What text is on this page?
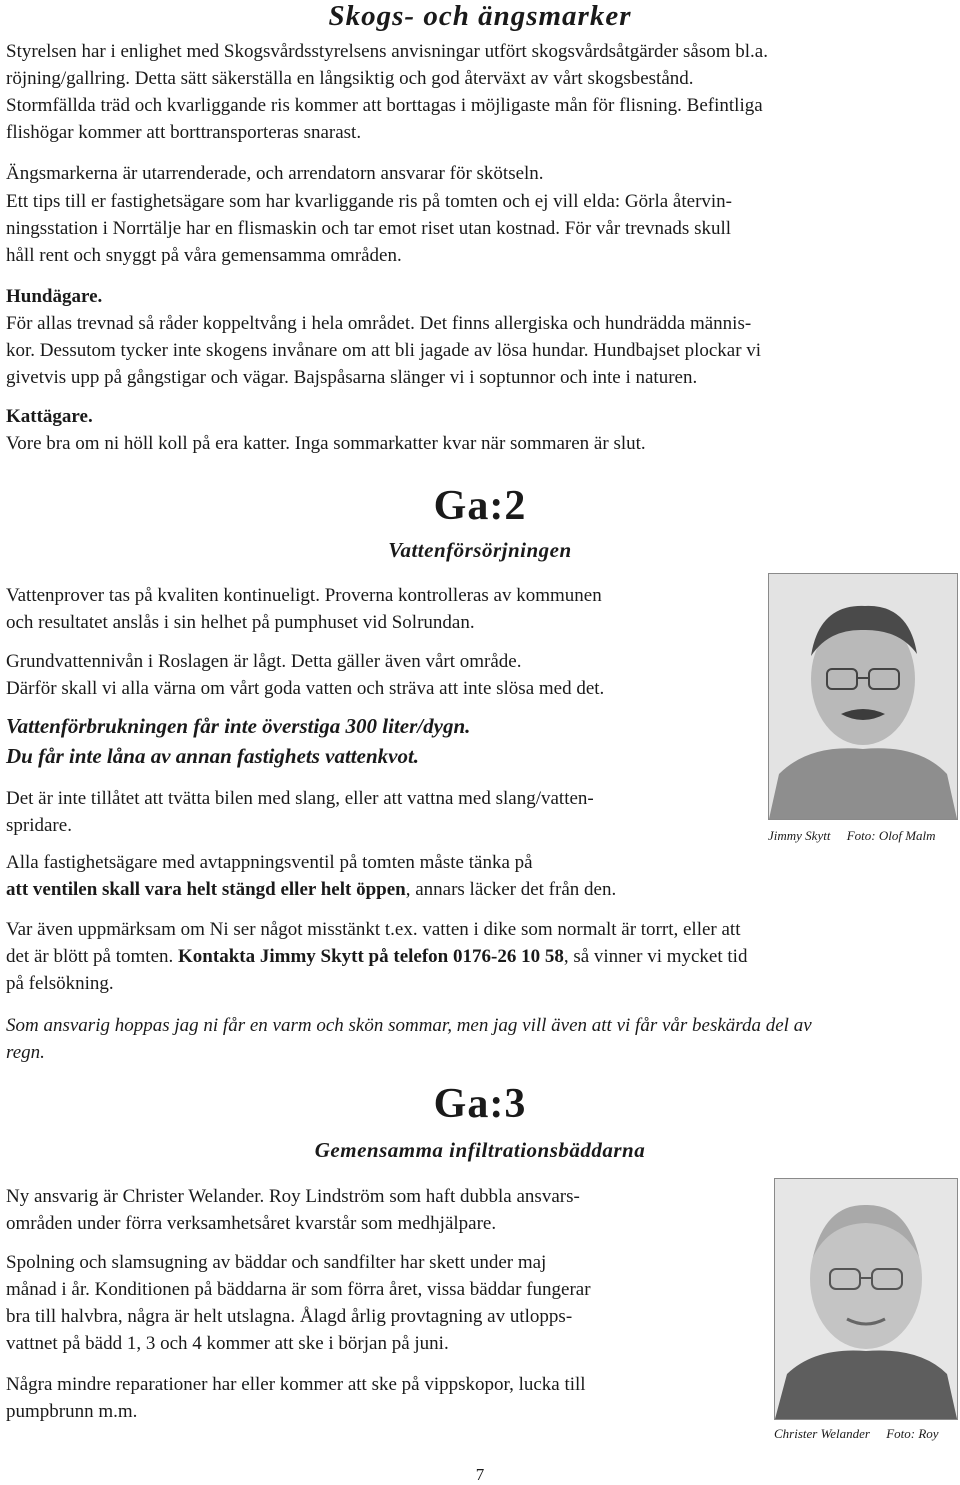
Skogs- och ängsmarker

Styrelsen har i enlighet med Skogsvårdsstyrelsens anvisningar utfört skogsvårdsåtgärder såsom bl.a.
röjning/gallring. Detta sätt säkerställa en långsiktig och god återväxt av vårt skogsbestånd.
Stormfällda träd och kvarliggande ris kommer att borttagas i möjligaste mån för flisning. Befintliga
flishögar kommer att borttransporteras snarast.

Ängsmarkerna är utarrenderade, och arrendatorn ansvarar för skötseln.

Ett tips till er fastighetsägare som har kvarliggande ris på tomten och ej vill elda: Görla återvin-
ningsstation i Norrtälje har en flismaskin och tar emot riset utan kostnad. För vår trevnads skull
håll rent och snyggt på våra gemensamma områden.

Hundägare.

För allas trevnad så råder koppeltvång i hela området. Det finns allergiska och hundrädda männis-
kor. Dessutom tycker inte skogens invånare om att bli jagade av lösa hundar. Hundbajset plockar vi
givetvis upp på gångstigar och vägar. Bajspåsarna slänger vi i soptunnor och inte i naturen.

Kattägare.

Vore bra om ni höll koll på era katter. Inga sommarkatter kvar när sommaren är slut.

Ga:2
Vattenförsörjningen

Vattenprover tas på kvaliten kontinueligt. Proverna kontrolleras av kommunen
och resultatet anslås i sin helhet på pumphuset vid Solrundan.

Grundvattennivån i Roslagen är lågt. Detta gäller även vårt område.
Därför skall vi alla värna om vårt goda vatten och sträva att inte slösa med det.

Vattenförbrukningen får inte överstiga 300 liter/dygn.
Du får inte låna av annan fastighets vattenkvot.

Det är inte tillåtet att tvätta bilen med slang, eller att vattna med slang/vatten-
spridare.

Alla fastighetsägare med avtappningsventil på tomten måste tänka på
att ventilen skall vara helt stängd eller helt öppen, annars läcker det från den.

Var även uppmärksam om Ni ser något misstänkt t.ex. vatten i dike som normalt är torrt, eller att
det är blött på tomten. Kontakta Jimmy Skytt på telefon 0176-26 10 58, så vinner vi mycket tid
på felsökning.

Som ansvarig hoppas jag ni får en varm och skön sommar, men jag vill även att vi får vår beskärda del av
regn.

Jimmy Skytt Foto: Olof Malm

Ga:3
Gemensamma infiltrationsbäddarna

Ny ansvarig är Christer Welander. Roy Lindström som haft dubbla ansvars-
områden under förra verksamhetsåret kvarstår som medhjälpare.

Spolning och slamsugning av bäddar och sandfilter har skett under maj
månad i år. Konditionen på bäddarna är som förra året, vissa bäddar fungerar
bra till halvbra, några är helt utslagna. Ålagd årlig provtagning av utlopps-
vattnet på bädd 1, 3 och 4 kommer att ske i början på juni.

Några mindre reparationer har eller kommer att ske på vippskopor, lucka till
pumpbrunn m.m.

Christer Welander Foto: Roy

7
